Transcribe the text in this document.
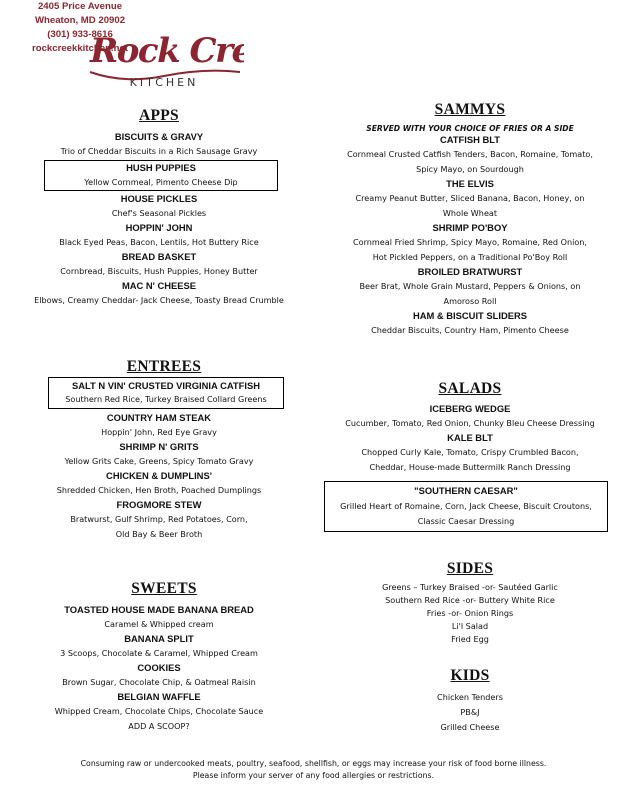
Rock Cr
KITCHEN
2405 Price Avenue
Wheaton, MD 20902
(301) 933-8616
rockcreekkitchen.net
APPS
BISCUITS & GRAVY
Trio of Cheddar Biscuits in a Rich Sausage Gravy
HUSH PUPPIES
Yellow Cornmeal, Pimento Cheese Dip
HOUSE PICKLES
Chef's Seasonal Pickles
HOPPIN' JOHN
Black Eyed Peas, Bacon, Lentils, Hot Buttery Rice
BREAD BASKET
Cornbread, Biscuits, Hush Puppies, Honey Butter
MAC N' CHEESE
Elbows, Creamy Cheddar- Jack Cheese, Toasty Bread Crumble
ENTREES
SALT N VIN' CRUSTED VIRGINIA CATFISH
Southern Red Rice, Turkey Braised Collard Greens
COUNTRY HAM STEAK
Hoppin' John, Red Eye Gravy
SHRIMP N' GRITS
Yellow Grits Cake, Greens, Spicy Tomato Gravy
CHICKEN & DUMPLINS'
Shredded Chicken, Hen Broth, Poached Dumplings
FROGMORE STEW
Bratwurst, Gulf Shrimp, Red Potatoes, Corn,
Old Bay & Beer Broth
SWEETS
TOASTED HOUSE MADE BANANA BREAD
Caramel & Whipped cream
BANANA SPLIT
3 Scoops, Chocolate & Caramel, Whipped Cream
COOKIES
Brown Sugar, Chocolate Chip, & Oatmeal Raisin
BELGIAN WAFFLE
Whipped Cream, Chocolate Chips, Chocolate Sauce
ADD A SCOOP?
SAMMYS
SERVED WITH YOUR CHOICE OF FRIES OR A SIDE
CATFISH BLT
Cornmeal Crusted Catfish Tenders, Bacon, Romaine, Tomato,
Spicy Mayo, on Sourdough
THE ELVIS
Creamy Peanut Butter, Sliced Banana, Bacon, Honey, on
Whole Wheat
SHRIMP PO'BOY
Cornmeal Fried Shrimp, Spicy Mayo, Romaine, Red Onion,
Hot Pickled Peppers, on a Traditional Po'Boy Roll
BROILED BRATWURST
Beer Brat, Whole Grain Mustard, Peppers & Onions, on
Amoroso Roll
HAM & BISCUIT SLIDERS
Cheddar Biscuits, Country Ham, Pimento Cheese
SALADS
ICEBERG WEDGE
Cucumber, Tomato, Red Onion, Chunky Bleu Cheese Dressing
KALE BLT
Chopped Curly Kale, Tomato, Crispy Crumbled Bacon,
Cheddar, House-made Buttermilk Ranch Dressing
"SOUTHERN CAESAR"
Grilled Heart of Romaine, Corn, Jack Cheese, Biscuit Croutons,
Classic Caesar Dressing
SIDES
Greens – Turkey Braised -or- Sautéed Garlic
Southern Red Rice -or- Buttery White Rice
Fries -or- Onion Rings
Li'l Salad
Fried Egg
KIDS
Chicken Tenders
PB&J
Grilled Cheese
Consuming raw or undercooked meats, poultry, seafood, shellfish, or eggs may increase your risk of food borne illness.
Please inform your server of any food allergies or restrictions.
